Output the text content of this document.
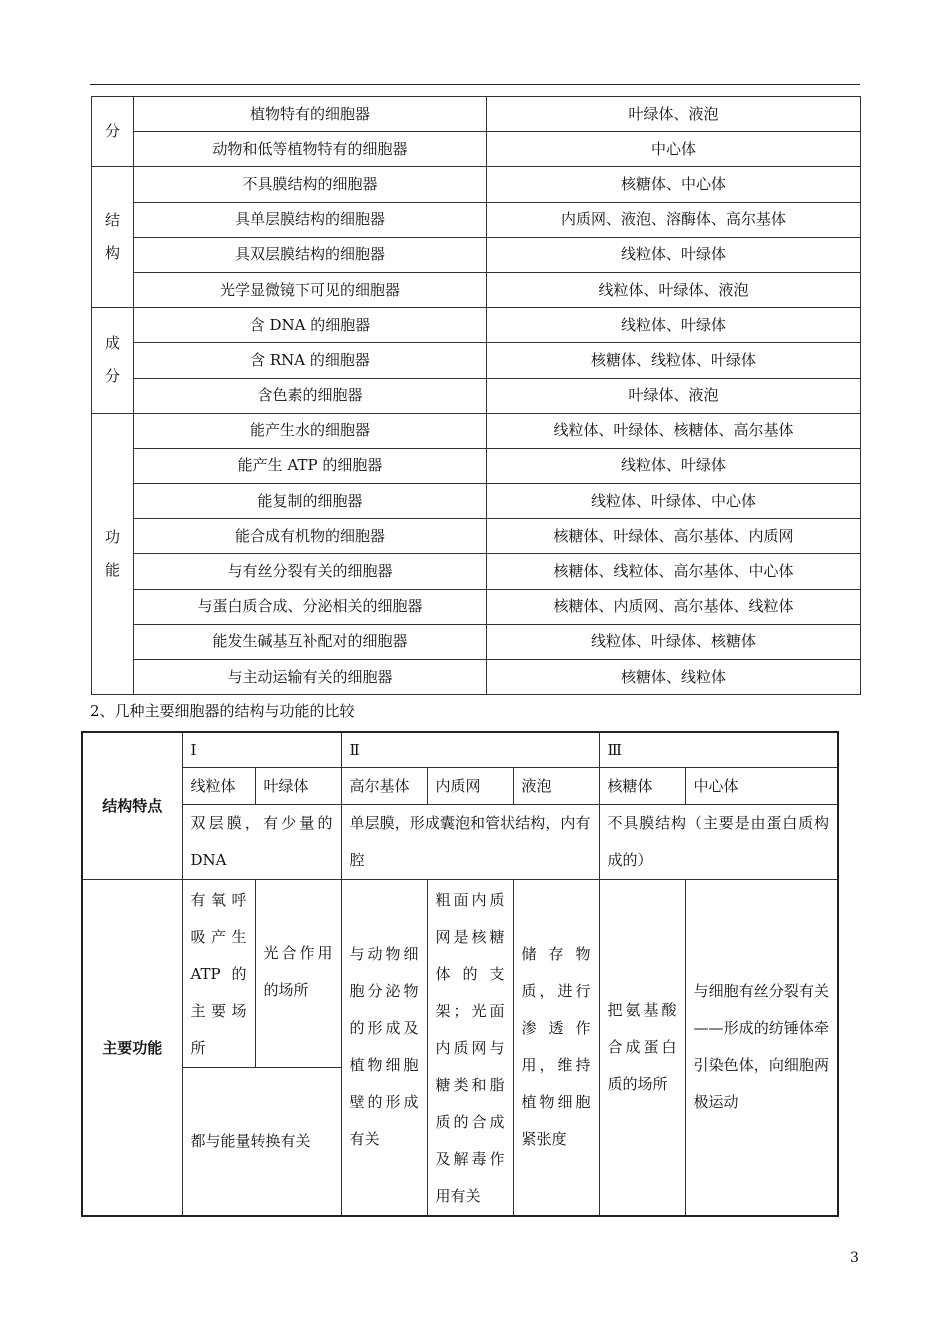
分	植物特有的细胞器	叶绿体、液泡
	动物和低等植物特有的细胞器	中心体

结
构	不具膜结构的细胞器	核糖体、中心体
	具单层膜结构的细胞器	内质网、液泡、溶酶体、高尔基体
	具双层膜结构的细胞器	线粒体、叶绿体
	光学显微镜下可见的细胞器	线粒体、叶绿体、液泡

成
分	含 DNA 的细胞器	线粒体、叶绿体
	含 RNA 的细胞器	核糖体、线粒体、叶绿体
	含色素的细胞器	叶绿体、液泡

功
能	能产生水的细胞器	线粒体、叶绿体、核糖体、高尔基体
	能产生 ATP 的细胞器	线粒体、叶绿体
	能复制的细胞器	线粒体、叶绿体、中心体
	能合成有机物的细胞器	核糖体、叶绿体、高尔基体、内质网
	与有丝分裂有关的细胞器	核糖体、线粒体、高尔基体、中心体
	与蛋白质合成、分泌相关的细胞器	核糖体、内质网、高尔基体、线粒体
	能发生碱基互补配对的细胞器	线粒体、叶绿体、核糖体
	与主动运输有关的细胞器	核糖体、线粒体
2、几种主要细胞器的结构与功能的比较
结构特点	Ⅰ		Ⅱ			Ⅲ	
	线粒体	叶绿体	高尔基体	内质网	液泡	核糖体	中心体
	双层膜，有少量的 DNA		单层膜，形成囊泡和管状结构，内有腔			不具膜结构（主要是由蛋白质构成的）	
主要功能	有氧呼吸产生 ATP 的主要场所	光合作用的场所	与动物细胞分泌物的形成及植物细胞壁的形成有关	粗面内质网是核糖体的支架；光面内质网与糖类和脂质的合成及解毒作用有关	储存物质，进行渗透作用，维持植物细胞紧张度	把氨基酸合成蛋白质的场所	与细胞有丝分裂有关——形成的纺锤体牵引染色体，向细胞两极运动
	都与能量转换有关						
3
